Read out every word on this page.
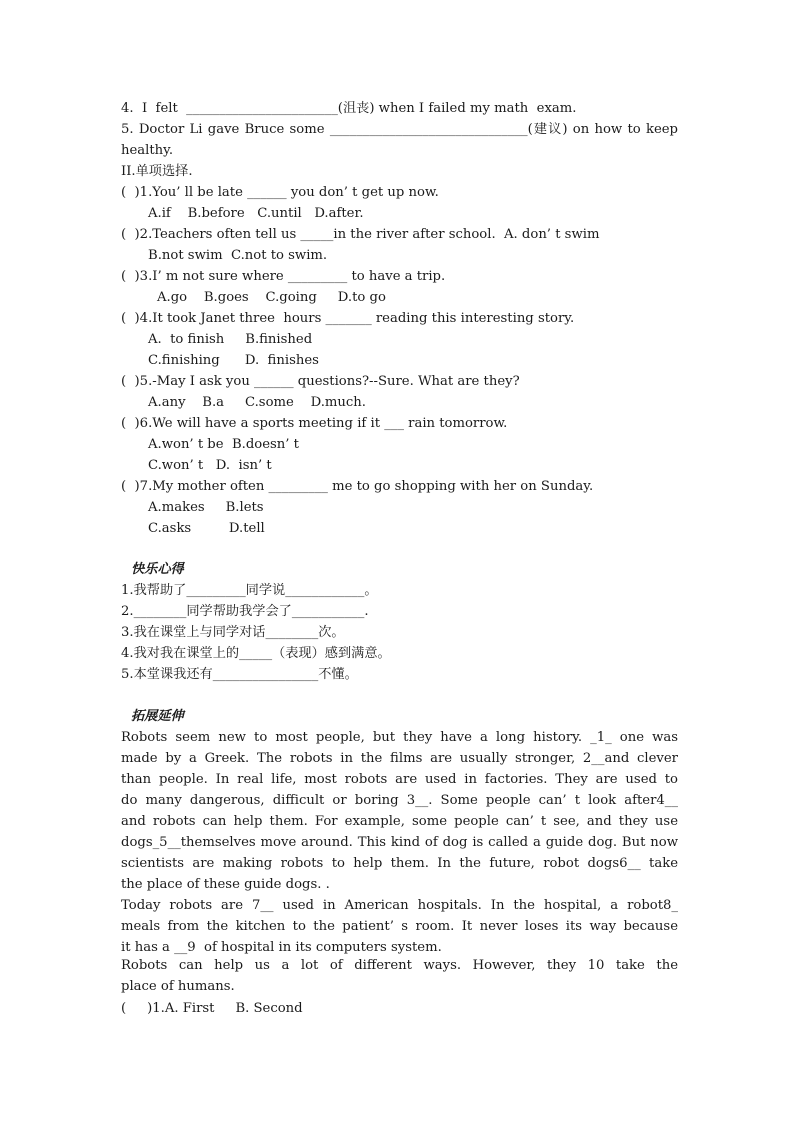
4.  I  felt  _______________________(沮丧) when I failed my math  exam.
5. Doctor Li gave Bruce some ______________________________(建议) on how to keep
healthy.
II.单项选择.
(  )1.You’ ll be late ______ you don’ t get up now.
A.if    B.before   C.until   D.after.
(  )2.Teachers often tell us _____in the river after school.  A. don’ t swim
B.not swim  C.not to swim.
(  )3.I’ m not sure where _________ to have a trip.
A.go    B.goes    C.going     D.to go
(  )4.It took Janet three  hours _______ reading this interesting story.
A.  to finish     B.finished
C.finishing      D.  finishes
(  )5.-May I ask you ______ questions?--Sure. What are they?
A.any    B.a     C.some    D.much.
(  )6.We will have a sports meeting if it ___ rain tomorrow.
A.won’ t be  B.doesn’ t
C.won’ t   D.  isn’ t
(  )7.My mother often _________ me to go shopping with her on Sunday.
A.makes     B.lets
C.asks         D.tell
快乐心得
1.我帮助了_________同学说____________。
2.________同学帮助我学会了___________.
3.我在课堂上与同学对话________次。
4.我对我在课堂上的_____（表现）感到满意。
5.本堂课我还有________________不懂。
拓展延伸
Robots seem new to most people, but they have a long history. _1_ one was
made by a Greek. The robots in the films are usually stronger, 2__and clever
than people. In real life, most robots are used in factories. They are used to
do many dangerous, difficult or boring 3__. Some people can’ t look after4__
and robots can help them. For example, some people can’ t see, and they use
dogs_5__themselves move around. This kind of dog is called a guide dog. But now
scientists are making robots to help them. In the future, robot dogs6__ take
the place of these guide dogs. .
Today robots are 7__ used in American hospitals. In the hospital, a robot8_
meals from the kitchen to the patient’ s room. It never loses its way because
it has a __9  of hospital in its computers system.
Robots can help us a lot of different ways. However, they 10 take the
place of humans.
(     )1.A. First     B. Second
